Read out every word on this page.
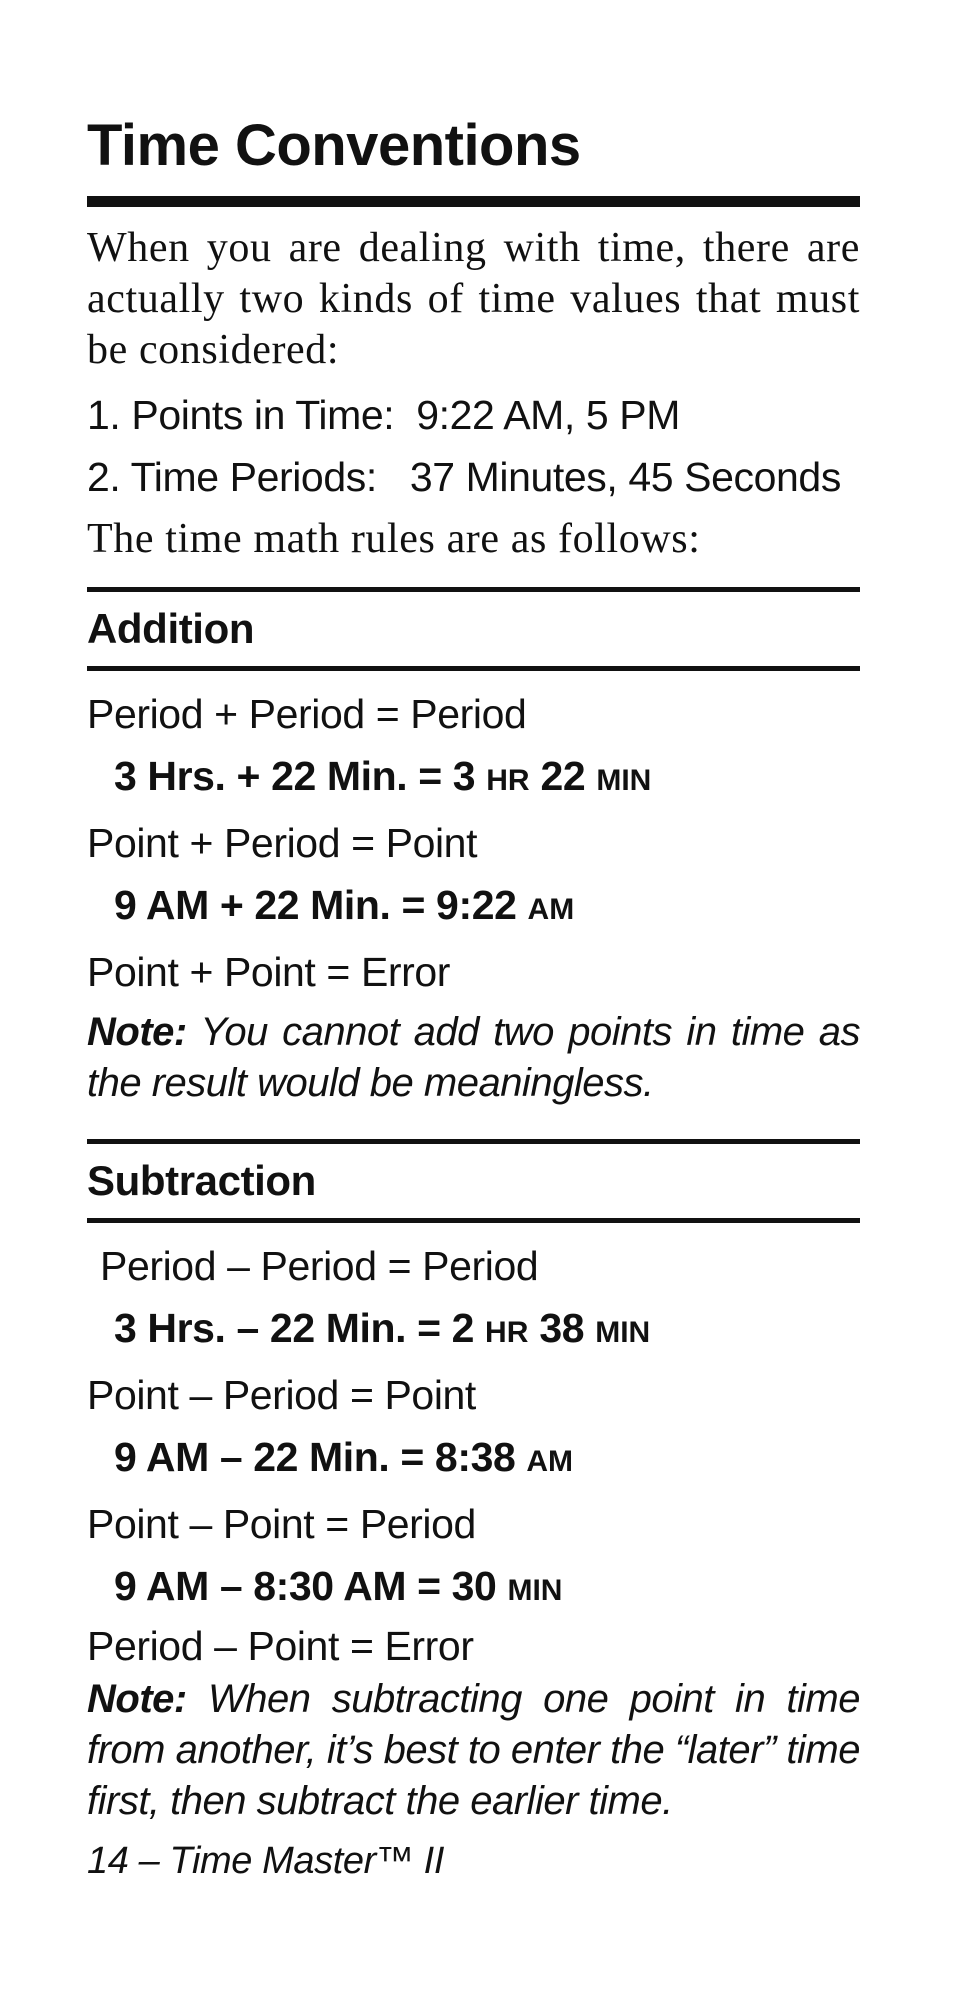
Time Conventions

When you are dealing with time, there are actually two kinds of time values that must be considered:

1. Points in Time: 9:22 AM, 5 PM
2. Time Periods: 37 Minutes, 45 Seconds
The time math rules are as follows:
Addition
Period + Period = Period
3 Hrs. + 22 Min. = 3 HR 22 MIN
Point + Period = Point
9 AM + 22 Min. = 9:22 AM
Point + Point = Error
Note: You cannot add two points in time as the result would be meaningless.
Subtraction
Period – Period = Period
3 Hrs. – 22 Min. = 2 HR 38 MIN
Point – Period = Point
9 AM – 22 Min. = 8:38 AM
Point – Point = Period
9 AM – 8:30 AM = 30 MIN
Period – Point = Error
Note: When subtracting one point in time from another, it’s best to enter the “later” time first, then subtract the earlier time.
14 – Time Master™ II
